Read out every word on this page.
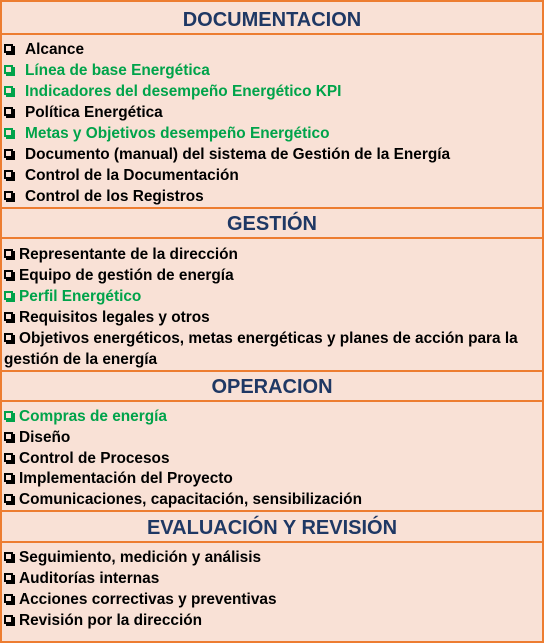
DOCUMENTACION
Alcance
Línea de base Energética
Indicadores del desempeño Energético KPI
Política Energética
Metas y Objetivos desempeño Energético
Documento (manual) del sistema de Gestión de la Energía
Control de la Documentación
Control de los Registros
GESTIÓN
Representante de la dirección
Equipo de gestión de energía
Perfil Energético
Requisitos legales y otros
Objetivos energéticos, metas energéticas y planes de acción para la gestión de la energía
OPERACION
Compras de energía
Diseño
Control de Procesos
Implementación del Proyecto
Comunicaciones, capacitación, sensibilización
EVALUACIÓN Y REVISIÓN
Seguimiento, medición y análisis
Auditorías internas
Acciones correctivas y preventivas
Revisión por la dirección
